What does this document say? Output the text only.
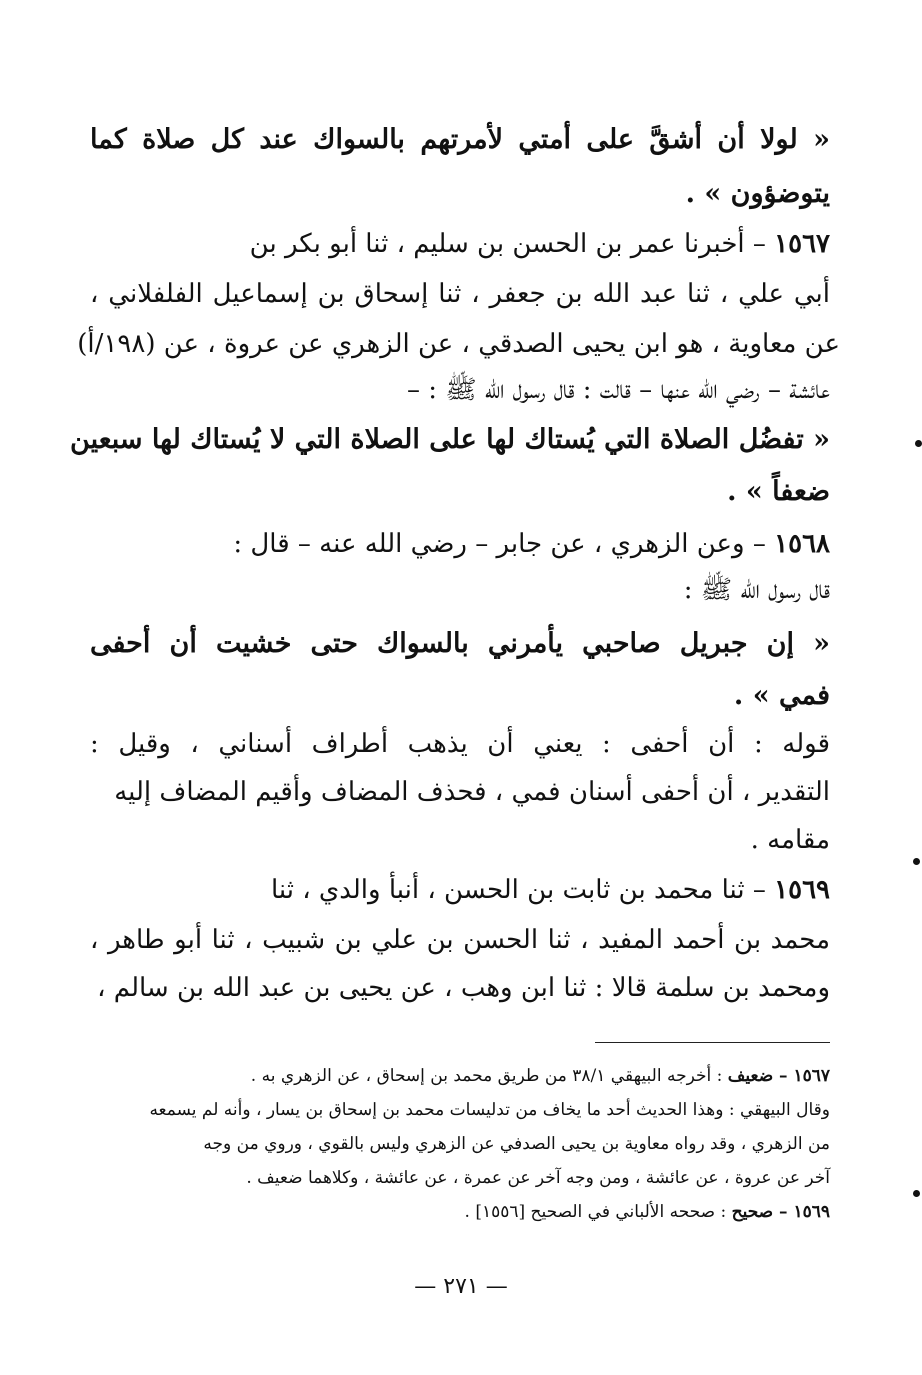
« لولا أن أشقَّ على أمتي لأمرتهم بالسواك عند كل صلاة كما
يتوضؤون » .
١٥٦٧ – أخبرنا عمر بن الحسن بن سليم ، ثنا أبو بكر بن
أبي علي ، ثنا عبد الله بن جعفر ، ثنا إسحاق بن إسماعيل الفلفلاني ،
عن معاوية ، هو ابن يحيى الصدقي ، عن الزهري عن عروة ، عن (١٩٨/أ)
عائشة – رضي الله عنها – قالت : قال رسول الله ﷺ : –
« تفضُل الصلاة التي يُستاك لها على الصلاة التي لا يُستاك لها سبعين
ضعفاً » .
١٥٦٨ – وعن الزهري ، عن جابر – رضي الله عنه – قال :
قال رسول الله ﷺ :
« إن جبريل صاحبي يأمرني بالسواك حتى خشيت أن أحفى
فمي » .
قوله : أن أحفى : يعني أن يذهب أطراف أسناني ، وقيل :
التقدير ، أن أحفى أسنان فمي ، فحذف المضاف وأقيم المضاف إليه
مقامه .
١٥٦٩ – ثنا محمد بن ثابت بن الحسن ، أنبأ والدي ، ثنا
محمد بن أحمد المفيد ، ثنا الحسن بن علي بن شبيب ، ثنا أبو طاهر ،
ومحمد بن سلمة قالا : ثنا ابن وهب ، عن يحيى بن عبد الله بن سالم ،
١٥٦٧ – ضعيف : أخرجه البيهقي ٣٨/١ من طريق محمد بن إسحاق ، عن الزهري به .
وقال البيهقي : وهذا الحديث أحد ما يخاف من تدليسات محمد بن إسحاق بن يسار ، وأنه لم يسمعه
من الزهري ، وقد رواه معاوية بن يحيى الصدفي عن الزهري وليس بالقوي ، وروي من وجه
آخر عن عروة ، عن عائشة ، ومن وجه آخر عن عمرة ، عن عائشة ، وكلاهما ضعيف .
١٥٦٩ – صحيح : صححه الألباني في الصحيح [١٥٥٦] .
— ٢٧١ —
